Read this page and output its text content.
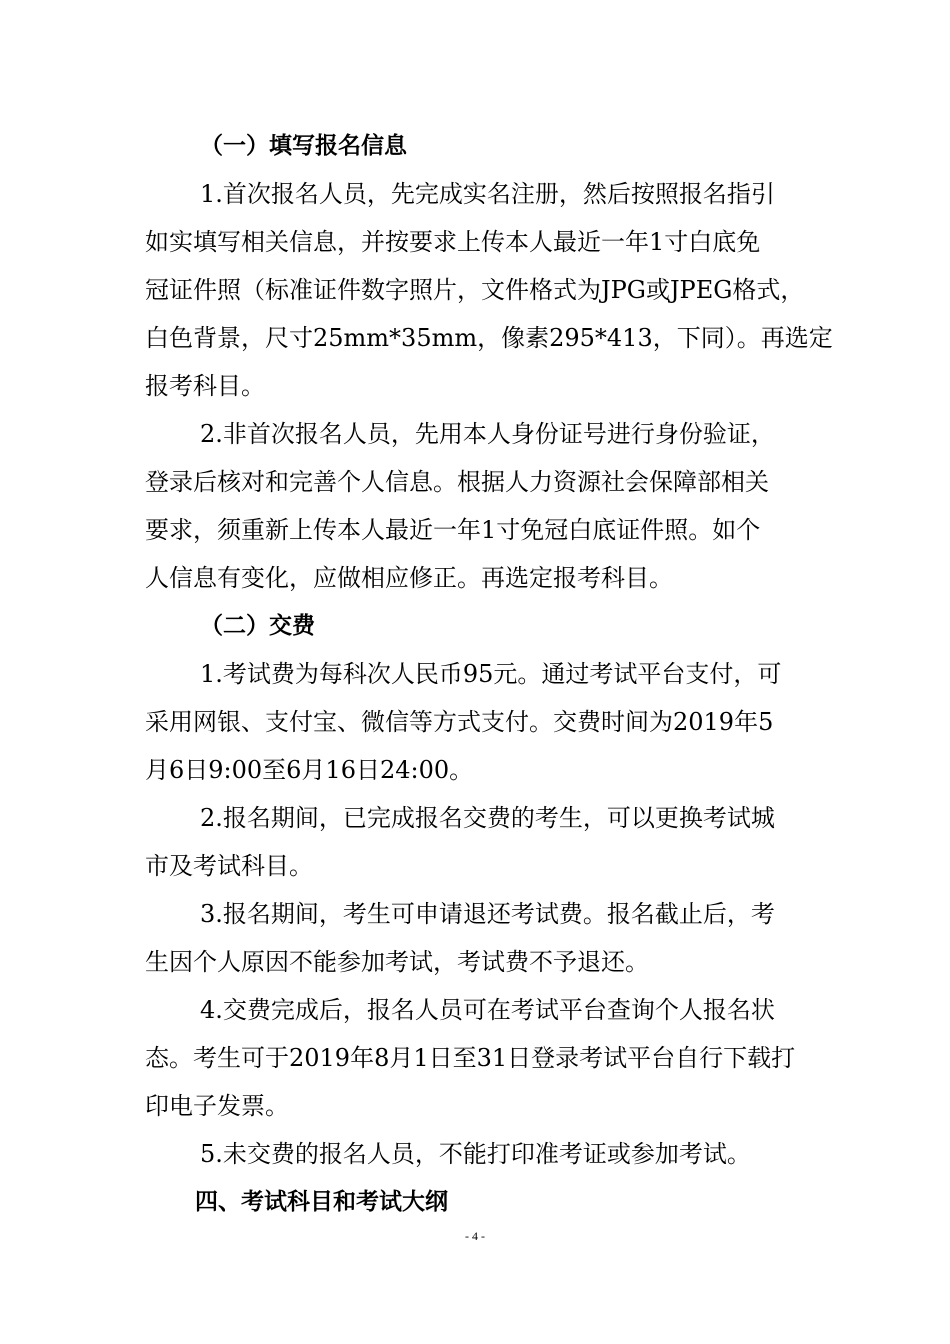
（一）填写报名信息
1.首次报名人员，先完成实名注册，然后按照报名指引
如实填写相关信息，并按要求上传本人最近一年1寸白底免
冠证件照（标准证件数字照片，文件格式为JPG或JPEG格式，
白色背景，尺寸25mm*35mm，像素295*413，下同）。再选定
报考科目。
2.非首次报名人员，先用本人身份证号进行身份验证，
登录后核对和完善个人信息。根据人力资源社会保障部相关
要求，须重新上传本人最近一年1寸免冠白底证件照。如个
人信息有变化，应做相应修正。再选定报考科目。
（二）交费
1.考试费为每科次人民币95元。通过考试平台支付，可
采用网银、支付宝、微信等方式支付。交费时间为2019年5
月6日9:00至6月16日24:00。
2.报名期间，已完成报名交费的考生，可以更换考试城
市及考试科目。
3.报名期间，考生可申请退还考试费。报名截止后，考
生因个人原因不能参加考试，考试费不予退还。
4.交费完成后，报名人员可在考试平台查询个人报名状
态。考生可于2019年8月1日至31日登录考试平台自行下载打
印电子发票。
5.未交费的报名人员，不能打印准考证或参加考试。
四、考试科目和考试大纲
- 4 -
